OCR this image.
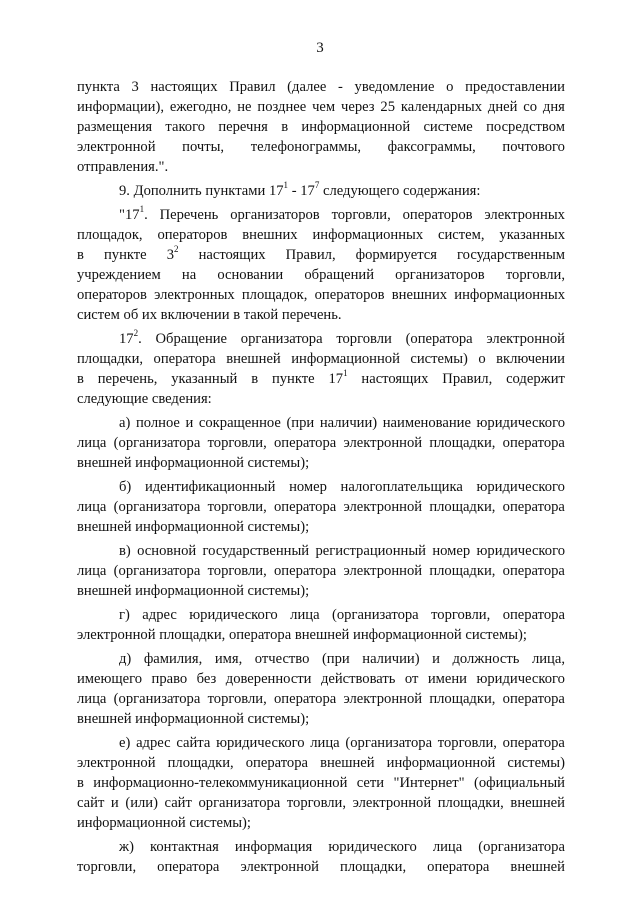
3
пункта 3 настоящих Правил (далее - уведомление о предоставлении
информации), ежегодно, не позднее чем через 25 календарных дней со дня
размещения такого перечня в информационной системе посредством
электронной почты, телефонограммы, факсограммы, почтового
отправления.".
9. Дополнить пунктами $17^1 - 17^7$ следующего содержания:
"$17^1$. Перечень организаторов торговли, операторов электронных
площадок, операторов внешних информационных систем, указанных
в пункте $3^2$ настоящих Правил, формируется государственным
учреждением на основании обращений организаторов торговли,
операторов электронных площадок, операторов внешних информационных
систем об их включении в такой перечень.
$17^2$. Обращение организатора торговли (оператора электронной
площадки, оператора внешней информационной системы) о включении
в перечень, указанный в пункте $17^1$ настоящих Правил, содержит
следующие сведения:
а) полное и сокращенное (при наличии) наименование юридического
лица (организатора торговли, оператора электронной площадки, оператора
внешней информационной системы);
б) идентификационный номер налогоплательщика юридического
лица (организатора торговли, оператора электронной площадки, оператора
внешней информационной системы);
в) основной государственный регистрационный номер юридического
лица (организатора торговли, оператора электронной площадки, оператора
внешней информационной системы);
г) адрес юридического лица (организатора торговли, оператора
электронной площадки, оператора внешней информационной системы);
д) фамилия, имя, отчество (при наличии) и должность лица,
имеющего право без доверенности действовать от имени юридического
лица (организатора торговли, оператора электронной площадки, оператора
внешней информационной системы);
е) адрес сайта юридического лица (организатора торговли, оператора
электронной площадки, оператора внешней информационной системы)
в информационно-телекоммуникационной сети "Интернет" (официальный
сайт и (или) сайт организатора торговли, электронной площадки, внешней
информационной системы);
ж) контактная информация юридического лица (организатора
торговли, оператора электронной площадки, оператора внешней
